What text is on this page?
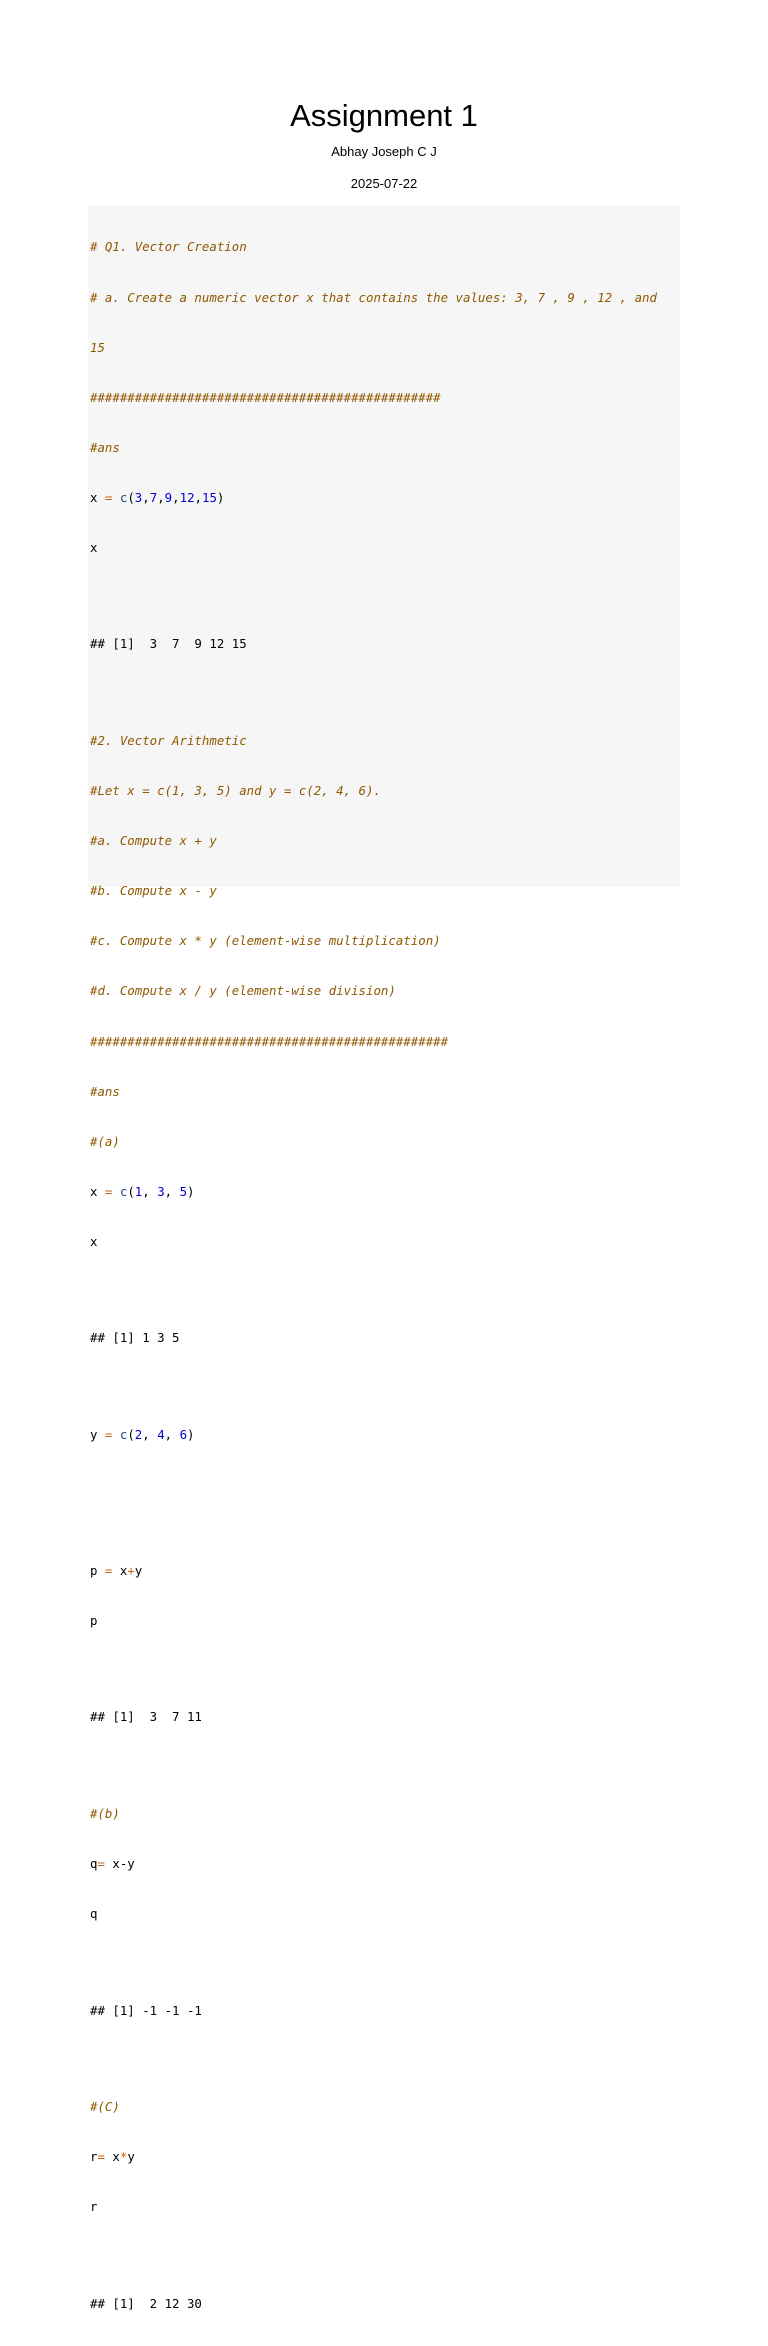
Assignment 1
Abhay Joseph C J
2025-07-22

# Q1. Vector Creation

# a. Create a numeric vector x that contains the values: 3, 7 , 9 , 12 , and

15

###############################################

#ans

x = c(3,7,9,12,15)

x

## [1]  3  7  9 12 15

#2. Vector Arithmetic

#Let x = c(1, 3, 5) and y = c(2, 4, 6).

#a. Compute x + y

#b. Compute x - y

#c. Compute x * y (element-wise multiplication)

#d. Compute x / y (element-wise division)

################################################

#ans

#(a)

x = c(1, 3, 5)

x

## [1] 1 3 5

y = c(2, 4, 6)

p = x+y

p

## [1]  3  7 11

#(b)

q= x-y

q

## [1] -1 -1 -1

#(C)

r= x*y

r

## [1]  2 12 30
